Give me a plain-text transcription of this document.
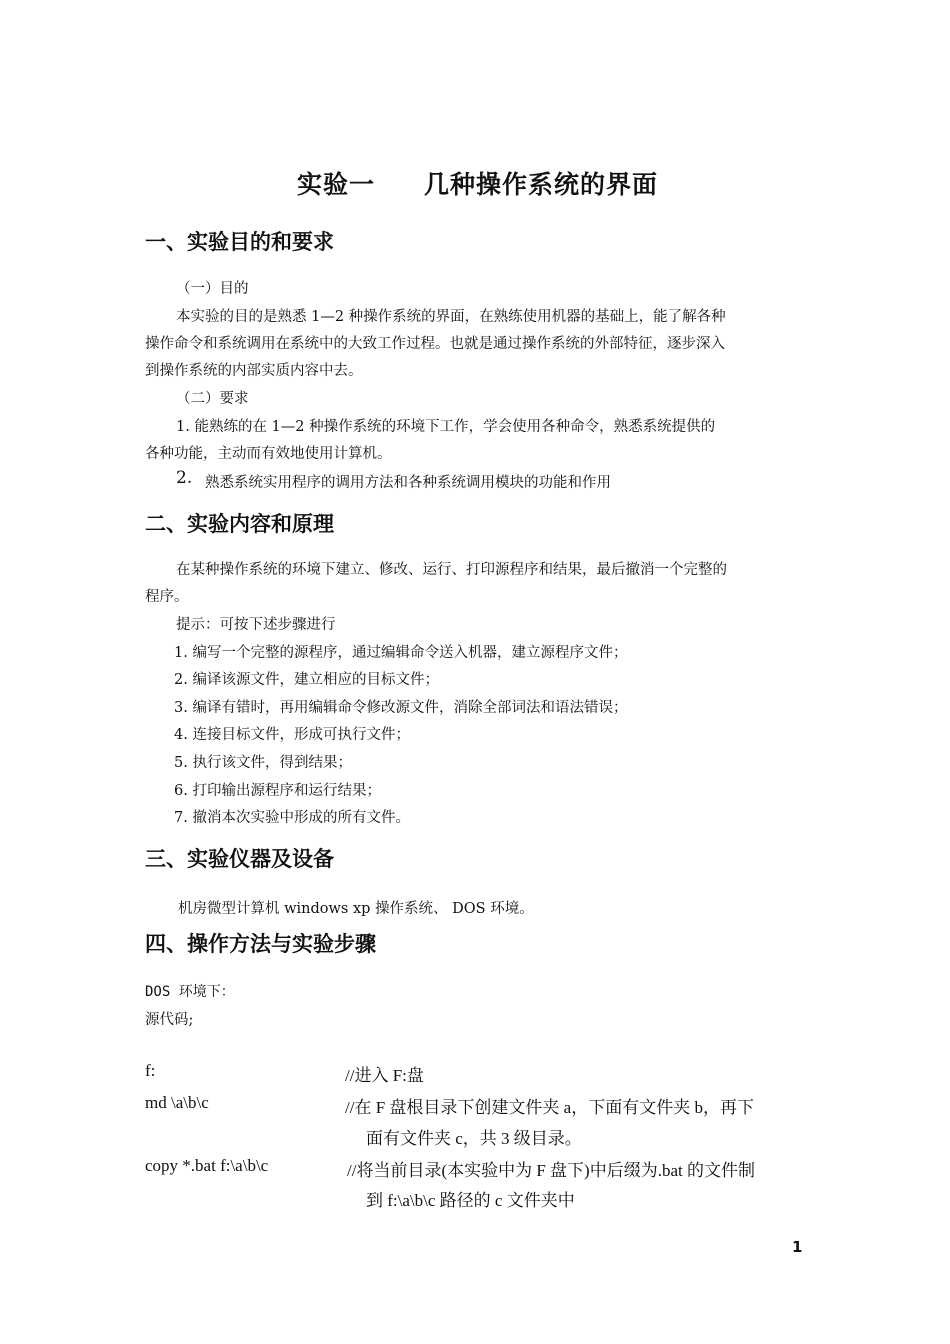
实验一 几种操作系统的界面
一、实验目的和要求
（一）目的
本实验的目的是熟悉 1—2 种操作系统的界面，在熟练使用机器的基础上，能了解各种
操作命令和系统调用在系统中的大致工作过程。也就是通过操作系统的外部特征，逐步深入
到操作系统的内部实质内容中去。
（二）要求
1. 能熟练的在 1—2 种操作系统的环境下工作，学会使用各种命令，熟悉系统提供的
各种功能，主动而有效地使用计算机。
2. 熟悉系统实用程序的调用方法和各种系统调用模块的功能和作用
二、实验内容和原理
在某种操作系统的环境下建立、修改、运行、打印源程序和结果，最后撤消一个完整的
程序。
提示：可按下述步骤进行
1. 编写一个完整的源程序，通过编辑命令送入机器，建立源程序文件；
2. 编译该源文件，建立相应的目标文件；
3. 编译有错时，再用编辑命令修改源文件，消除全部词法和语法错误；
4. 连接目标文件，形成可执行文件；
5. 执行该文件，得到结果；
6. 打印输出源程序和运行结果；
7. 撤消本次实验中形成的所有文件。
三、实验仪器及设备
机房微型计算机 windows xp 操作系统、 DOS 环境。
四、操作方法与实验步骤
DOS 环境下：
源代码;
f:	//进入 F:盘
md \a\b\c	//在 F 盘根目录下创建文件夹 a，下面有文件夹 b，再下
面有文件夹 c，共 3 级目录。
copy *.bat f:\a\b\c	//将当前目录(本实验中为 F 盘下)中后缀为.bat 的文件制
到 f:\a\b\c 路径的 c 文件夹中
1
